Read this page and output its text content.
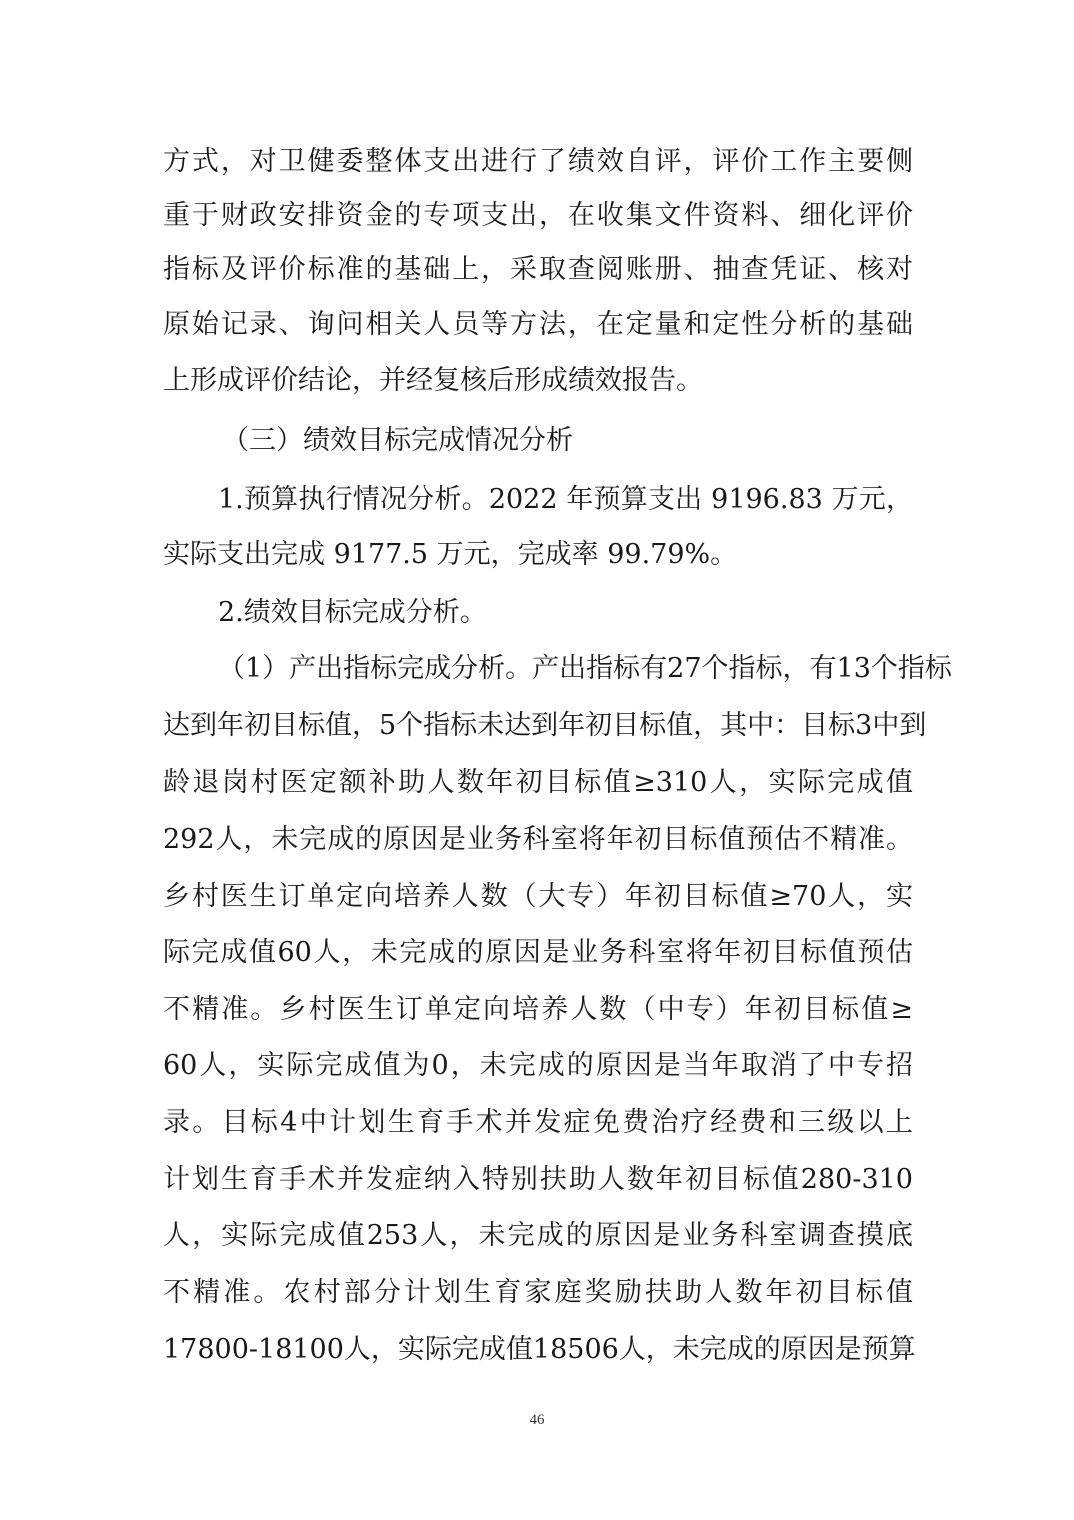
方式，对卫健委整体支出进行了绩效自评，评价工作主要侧
重于财政安排资金的专项支出，在收集文件资料、细化评价
指标及评价标准的基础上，采取查阅账册、抽查凭证、核对
原始记录、询问相关人员等方法，在定量和定性分析的基础
上形成评价结论，并经复核后形成绩效报告。
（三）绩效目标完成情况分析
1.预算执行情况分析。2022 年预算支出 9196.83 万元，
实际支出完成 9177.5 万元，完成率 99.79%。
2.绩效目标完成分析。
（1）产出指标完成分析。产出指标有27个指标，有13个指标
达到年初目标值，5个指标未达到年初目标值，其中：目标3中到
龄退岗村医定额补助人数年初目标值≥310人，实际完成值
292人，未完成的原因是业务科室将年初目标值预估不精准。
乡村医生订单定向培养人数（大专）年初目标值≥70人，实
际完成值60人，未完成的原因是业务科室将年初目标值预估
不精准。乡村医生订单定向培养人数（中专）年初目标值≥
60人，实际完成值为0，未完成的原因是当年取消了中专招
录。目标4中计划生育手术并发症免费治疗经费和三级以上
计划生育手术并发症纳入特别扶助人数年初目标值280-310
人，实际完成值253人，未完成的原因是业务科室调查摸底
不精准。农村部分计划生育家庭奖励扶助人数年初目标值
17800-18100人，实际完成值18506人，未完成的原因是预算
46
